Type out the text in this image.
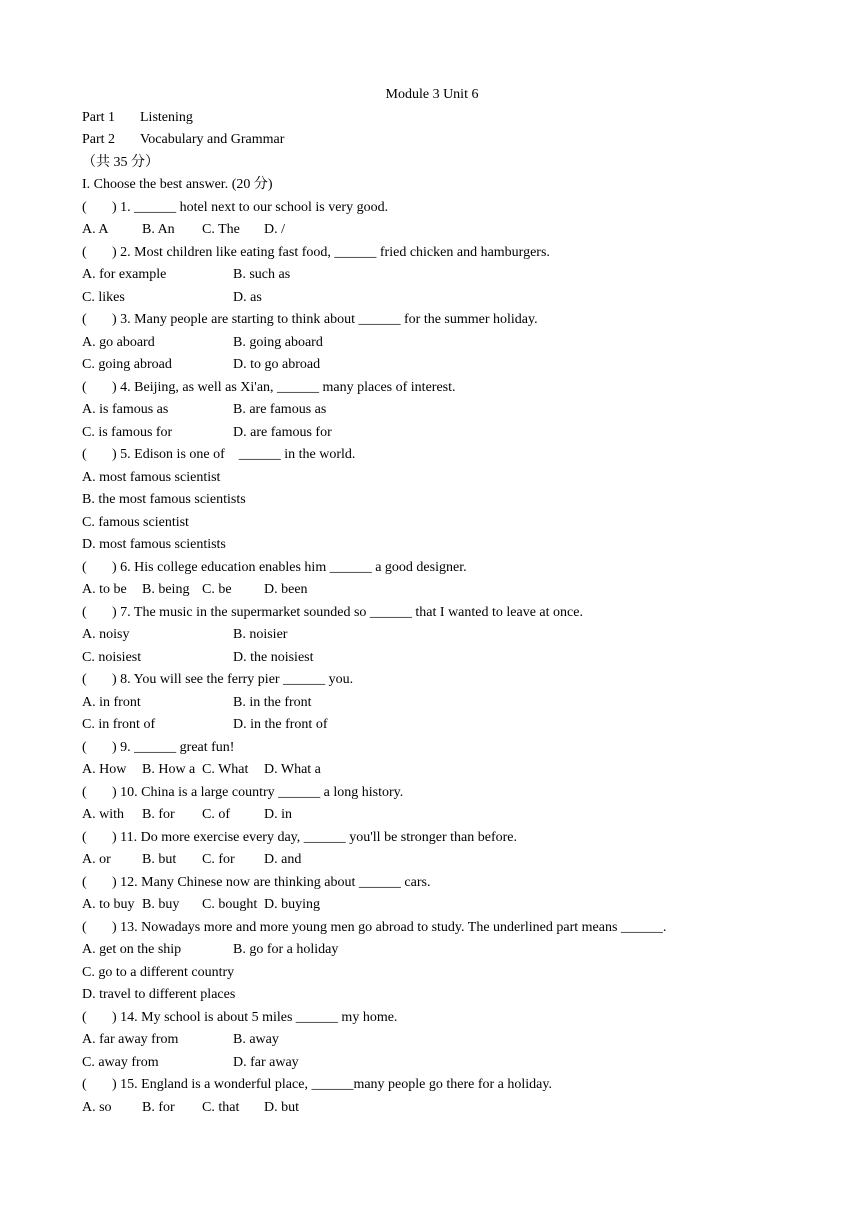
Module 3 Unit 6
Part 1 Listening
Part 2 Vocabulary and Grammar
（共 35 分）
I. Choose the best answer. (20 分)
( ) 1. ______ hotel next to our school is very good.
A. A B. An C. The D. /
( ) 2. Most children like eating fast food, ______ fried chicken and hamburgers.
A. for example	B. such as
C. likes	D. as
( ) 3. Many people are starting to think about ______ for the summer holiday.
A. go aboard	B. going aboard
C. going abroad	D. to go abroad
( ) 4. Beijing, as well as Xi'an, ______ many places of interest.
A. is famous as	B. are famous as
C. is famous for	D. are famous for
( ) 5. Edison is one of    ______ in the world.
A. most famous scientist
B. the most famous scientists
C. famous scientist
D. most famous scientists
( ) 6. His college education enables him ______ a good designer.
A. to be B. being C. be D. been
( ) 7. The music in the supermarket sounded so ______ that I wanted to leave at once.
A. noisy	B. noisier
C. noisiest	D. the noisiest
( ) 8. You will see the ferry pier ______ you.
A. in front	B. in the front
C. in front of	D. in the front of
( ) 9. ______ great fun!
A. How B. How a C. What D. What a
( ) 10. China is a large country ______ a long history.
A. with B. for C. of D. in
( ) 11. Do more exercise every day, ______ you'll be stronger than before.
A. or B. but C. for D. and
( ) 12. Many Chinese now are thinking about ______ cars.
A. to buy B. buy C. bought D. buying
( ) 13. Nowadays more and more young men go abroad to study. The underlined part means ______.
A. get on the ship	B. go for a holiday
C. go to a different country
D. travel to different places
( ) 14. My school is about 5 miles ______ my home.
A. far away from	B. away
C. away from	D. far away
( ) 15. England is a wonderful place, ______many people go there for a holiday.
A. so B. for C. that D. but
